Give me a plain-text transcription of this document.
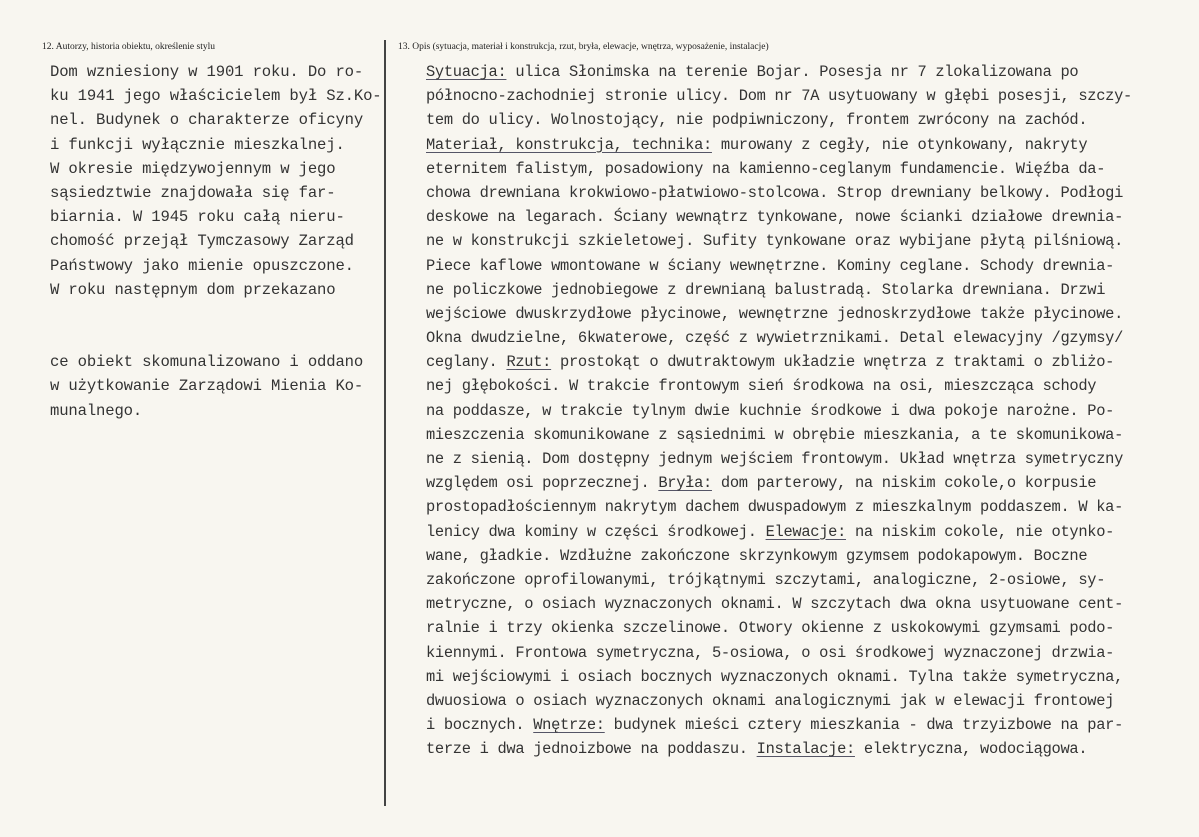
12. Autorzy, historia obiektu, określenie stylu	13. Opis (sytuacja, materiał i konstrukcja, rzut, bryła, elewacje, wnętrza, wyposażenie, instalacje)
Dom wzniesiony w 1901 roku. Do ro-
ku 1941 jego właścicielem był Sz.Ko-
nel. Budynek o charakterze oficyny
i funkcji wyłącznie mieszkalnej.
W okresie międzywojennym w jego
sąsiedztwie znajdowała się far-
biarnia. W 1945 roku całą nieru-
chomość przejął Tymczasowy Zarząd
Państwowy jako mienie opuszczone.
W roku następnym dom przekazano

ce obiekt skomunalizowano i oddano
w użytkowanie Zarządowi Mienia Ko-
munalnego.
Sytuacja: ulica Słonimska na terenie Bojar. Posesja nr 7 zlokalizowana po
północno-zachodniej stronie ulicy. Dom nr 7A usytuowany w głębi posesji, szczy-
tem do ulicy. Wolnostojący, nie podpiwniczony, frontem zwrócony na zachód.
Materiał, konstrukcja, technika: murowany z cegły, nie otynkowany, nakryty
eternitem falistym, posadowiony na kamienno-ceglanym fundamencie. Więźba da-
chowa drewniana krokwiowo-płatwiowo-stolcowa. Strop drewniany belkowy. Podłogi
deskowe na legarach. Ściany wewnątrz tynkowane, nowe ścianki działowe drewnia-
ne w konstrukcji szkieletowej. Sufity tynkowane oraz wybijane płytą pilśniową.
Piece kaflowe wmontowane w ściany wewnętrzne. Kominy ceglane. Schody drewnia-
ne policzkowe jednobiegowe z drewnianą balustradą. Stolarka drewniana. Drzwi
wejściowe dwuskrzydłowe płycinowe, wewnętrzne jednoskrzydłowe także płycinowe.
Okna dwudzielne, 6kwaterowe, część z wywietrznikami. Detal elewacyjny /gzymsy/
ceglany. Rzut: prostokąt o dwutraktowym układzie wnętrza z traktami o zbliżo-
nej głębokości. W trakcie frontowym sień środkowa na osi, mieszcząca schody
na poddasze, w trakcie tylnym dwie kuchnie środkowe i dwa pokoje narożne. Po-
mieszczenia skomunikowane z sąsiednimi w obrębie mieszkania, a te skomunikowa-
ne z sienią. Dom dostępny jednym wejściem frontowym. Układ wnętrza symetryczny
względem osi poprzecznej. Bryła: dom parterowy, na niskim cokole,o korpusie
prostopadłościennym nakrytym dachem dwuspadowym z mieszkalnym poddaszem. W ka-
lenicy dwa kominy w części środkowej. Elewacje: na niskim cokole, nie otynko-
wane, gładkie. Wzdłużne zakończone skrzynkowym gzymsem podokapowym. Boczne
zakończone oprofilowanymi, trójkątnymi szczytami, analogiczne, 2-osiowe, sy-
metryczne, o osiach wyznaczonych oknami. W szczytach dwa okna usytuowane cent-
ralnie i trzy okienka szczelinowe. Otwory okienne z uskokowymi gzymsami podo-
kiennymi. Frontowa symetryczna, 5-osiowa, o osi środkowej wyznaczonej drzwia-
mi wejściowymi i osiach bocznych wyznaczonych oknami. Tylna także symetryczna,
dwuosiowa o osiach wyznaczonych oknami analogicznymi jak w elewacji frontowej
i bocznych. Wnętrze: budynek mieści cztery mieszkania - dwa trzyizbowe na par-
terze i dwa jednoizbowe na poddaszu. Instalacje: elektryczna, wodociągowa.
